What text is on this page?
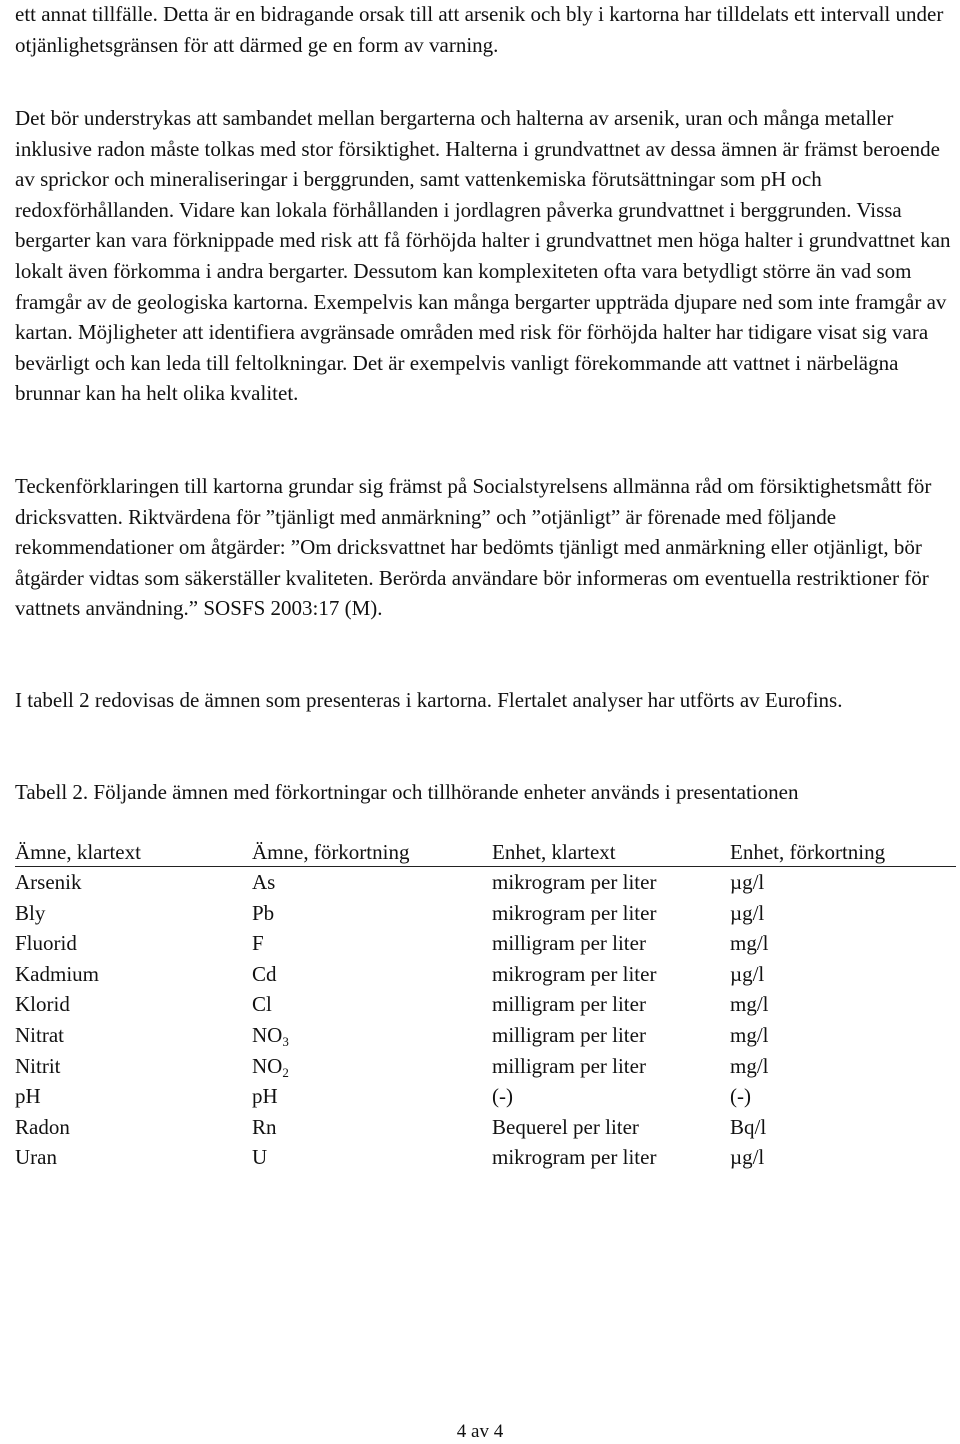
ett annat tillfälle. Detta är en bidragande orsak till att arsenik och bly i kartorna har tilldelats ett intervall under otjänlighetsgränsen för att därmed ge en form av varning.

Det bör understrykas att sambandet mellan bergarterna och halterna av arsenik, uran och många metaller inklusive radon måste tolkas med stor försiktighet. Halterna i grundvattnet av dessa ämnen är främst beroende av sprickor och mineraliseringar i berggrunden, samt vattenkemiska förutsättningar som pH och redoxförhållanden. Vidare kan lokala förhållanden i jordlagren påverka grundvattnet i berggrunden. Vissa bergarter kan vara förknippade med risk att få förhöjda halter i grundvattnet men höga halter i grundvattnet kan lokalt även förkomma i andra bergarter. Dessutom kan komplexiteten ofta vara betydligt större än vad som framgår av de geologiska kartorna. Exempelvis kan många bergarter uppträda djupare ned som inte framgår av kartan. Möjligheter att identifiera avgränsade områden med risk för förhöjda halter har tidigare visat sig vara bevärligt och kan leda till feltolkningar. Det är exempelvis vanligt förekommande att vattnet i närbelägna brunnar kan ha helt olika kvalitet.

Teckenförklaringen till kartorna grundar sig främst på Socialstyrelsens allmänna råd om försiktighetsmått för dricksvatten. Riktvärdena för ”tjänligt med anmärkning” och ”otjänligt” är förenade med följande rekommendationer om åtgärder: ”Om dricksvattnet har bedömts tjänligt med anmärkning eller otjänligt, bör åtgärder vidtas som säkerställer kvaliteten. Berörda användare bör informeras om eventuella restriktioner för vattnets användning.” SOSFS 2003:17 (M).

I tabell 2 redovisas de ämnen som presenteras i kartorna. Flertalet analyser har utförts av Eurofins.

Tabell 2. Följande ämnen med förkortningar och tillhörande enheter används i presentationen

Ämne, klartext	Ämne, förkortning	Enhet, klartext	Enhet, förkortning
Arsenik	As	mikrogram per liter	µg/l
Bly	Pb	mikrogram per liter	µg/l
Fluorid	F	milligram per liter	mg/l
Kadmium	Cd	mikrogram per liter	µg/l
Klorid	Cl	milligram per liter	mg/l
Nitrat	$NO_3$	milligram per liter	mg/l
Nitrit	$NO_2$	milligram per liter	mg/l
pH	pH	(-)	(-)
Radon	Rn	Bequerel per liter	Bq/l
Uran	U	mikrogram per liter	µg/l
4 av 4
